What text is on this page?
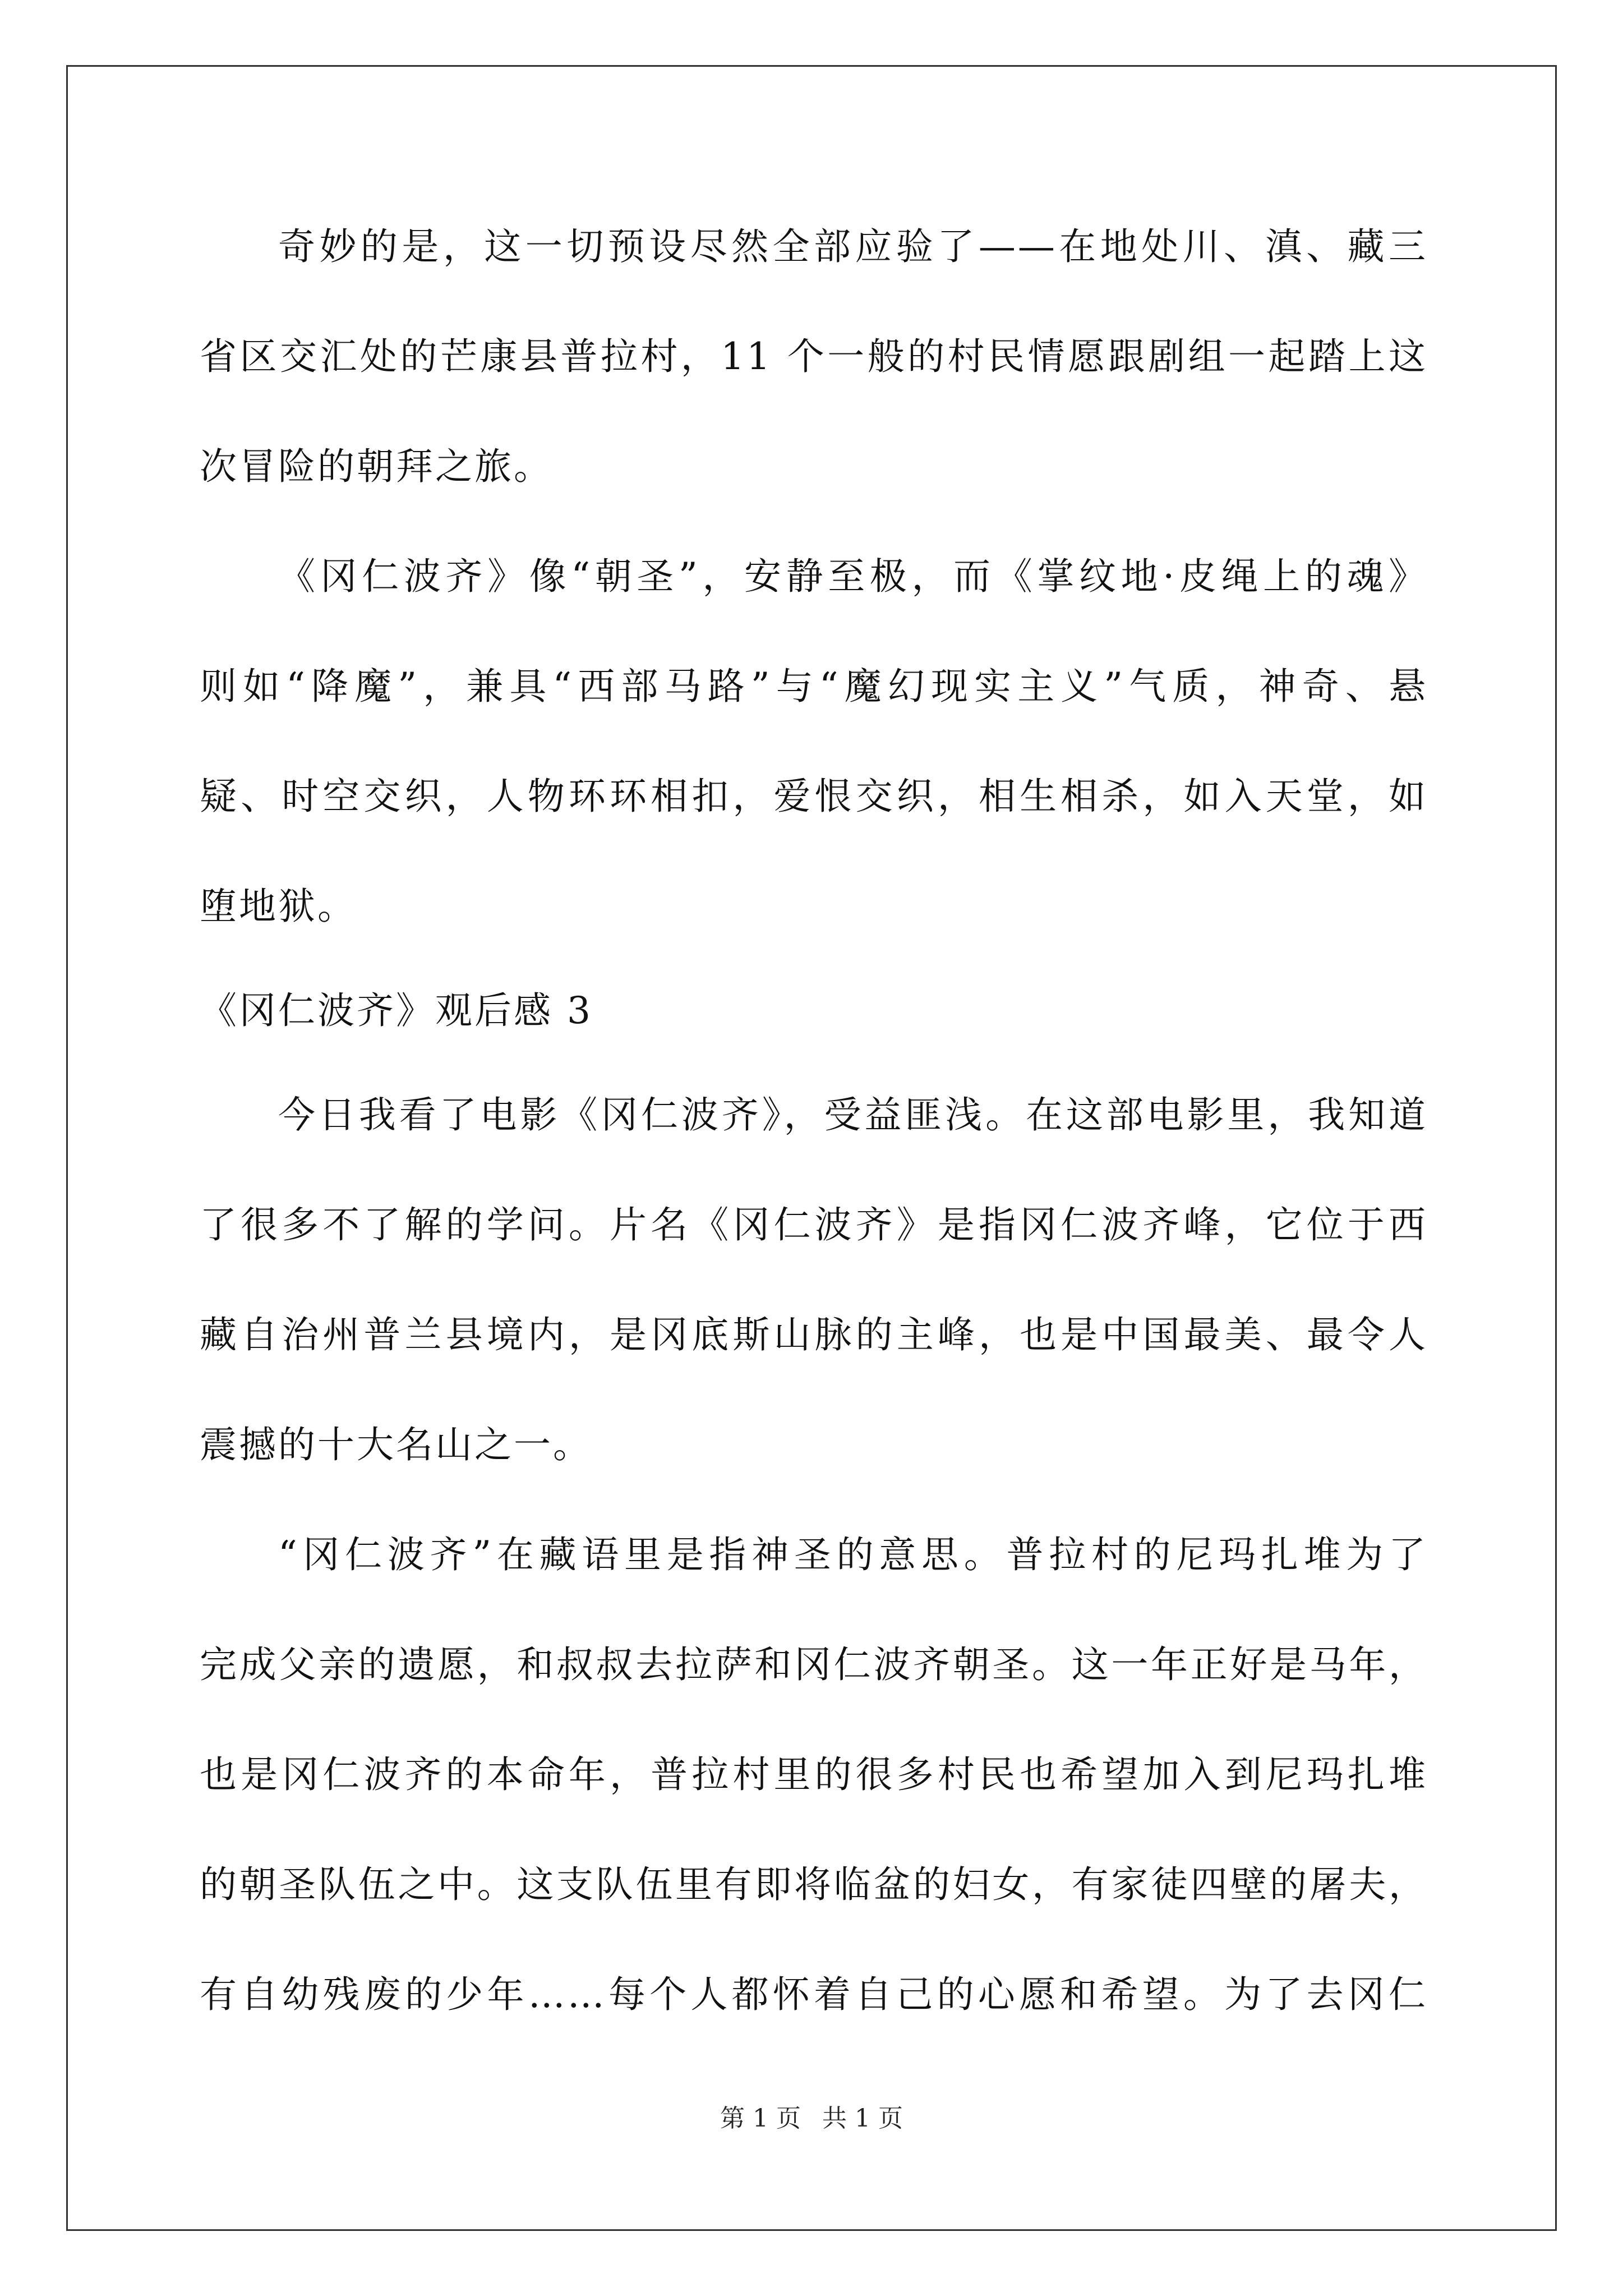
奇妙的是，这一切预设尽然全部应验了——在地处川、滇、藏三
省区交汇处的芒康县普拉村，11 个一般的村民情愿跟剧组一起踏上这
次冒险的朝拜之旅。
《冈仁波齐》像“朝圣”，安静至极，而《掌纹地·皮绳上的魂》
则如“降魔”，兼具“西部马路”与“魔幻现实主义”气质，神奇、悬
疑、时空交织，人物环环相扣，爱恨交织，相生相杀，如入天堂，如
堕地狱。
《冈仁波齐》观后感 3
今日我看了电影《冈仁波齐》，受益匪浅。在这部电影里，我知道
了很多不了解的学问。片名《冈仁波齐》是指冈仁波齐峰，它位于西
藏自治州普兰县境内，是冈底斯山脉的主峰，也是中国最美、最令人
震撼的十大名山之一。
“冈仁波齐”在藏语里是指神圣的意思。普拉村的尼玛扎堆为了
完成父亲的遗愿，和叔叔去拉萨和冈仁波齐朝圣。这一年正好是马年，
也是冈仁波齐的本命年，普拉村里的很多村民也希望加入到尼玛扎堆
的朝圣队伍之中。这支队伍里有即将临盆的妇女，有家徒四壁的屠夫，
有自幼残废的少年……每个人都怀着自己的心愿和希望。为了去冈仁
第 1 页 共 1 页
